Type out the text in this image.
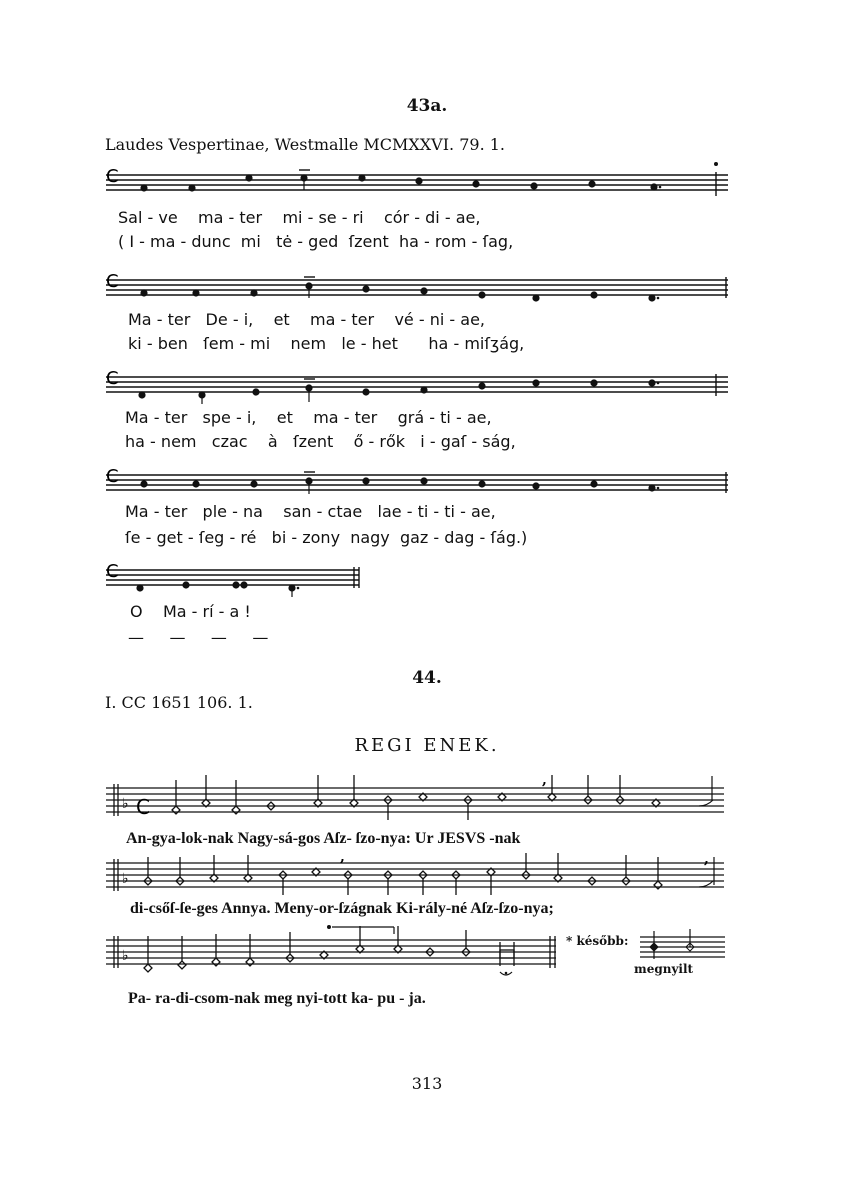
43a.
Laudes Vespertinae, Westmalle MCMXXVI. 79. 1.
C
Sal - ve ma - ter mi - se - ri cór - di - ae,
( I - ma - dunc mi tė - ged ſzent ha - rom - ſag,
C
Ma - ter De - i, et ma - ter vé - ni - ae,
ki - ben ſem - mi nem le - het ha - miſʒág,
C
Ma - ter spe - i, et ma - ter grá - ti - ae,
ha - nem czac à ſzent ő - rők i - gaſ - ság,
C
Ma - ter ple - na san - ctae lae - ti - ti - ae,
ſe - get - ſeg - ré bi - zony nagy gaz - dag - ſág.)
C
O Ma - rí - a !
— — — —
44.
I. CC 1651 106. 1.
REGI ENEK.
♭ C
,
An-gya-lok-nak Nagy-sá-gos Aſz- ſzo-nya: Ur JESVS -nak
♭
,	,
di-csőſ-ſe-ges Annya. Meny-or-ſzágnak Ki-rály-né Aſz-ſzo-nya;
♭
* később:
megnyilt
Pa- ra-di-csom-nak meg nyi-tott ka- pu - ja.
313
